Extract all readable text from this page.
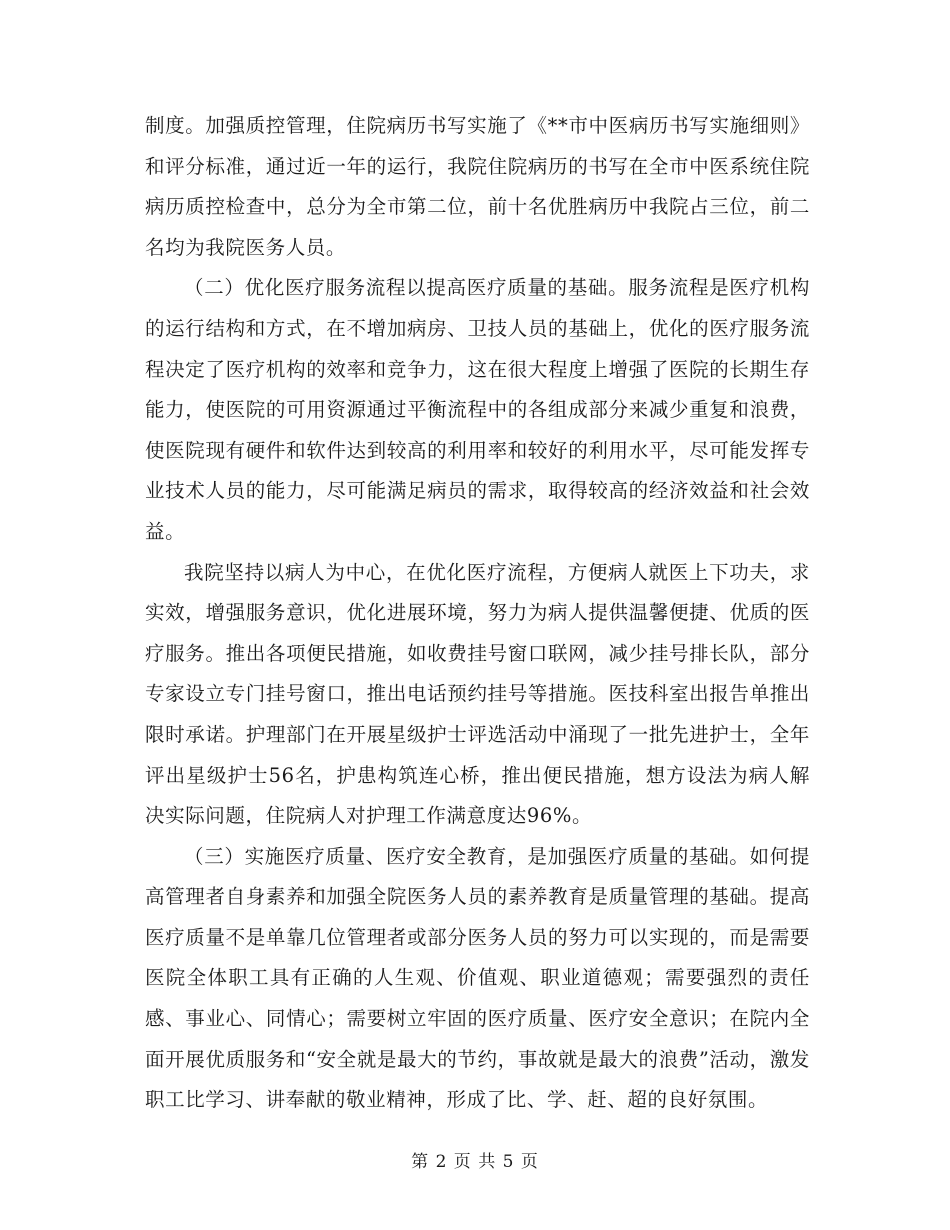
制度。加强质控管理，住院病历书写实施了《**市中医病历书写实施细则》和评分标准，通过近一年的运行，我院住院病历的书写在全市中医系统住院病历质控检查中，总分为全市第二位，前十名优胜病历中我院占三位，前二名均为我院医务人员。

（二）优化医疗服务流程以提高医疗质量的基础。服务流程是医疗机构的运行结构和方式，在不增加病房、卫技人员的基础上，优化的医疗服务流程决定了医疗机构的效率和竞争力，这在很大程度上增强了医院的长期生存能力，使医院的可用资源通过平衡流程中的各组成部分来减少重复和浪费，使医院现有硬件和软件达到较高的利用率和较好的利用水平，尽可能发挥专业技术人员的能力，尽可能满足病员的需求，取得较高的经济效益和社会效益。

我院坚持以病人为中心，在优化医疗流程，方便病人就医上下功夫，求实效，增强服务意识，优化进展环境，努力为病人提供温馨便捷、优质的医疗服务。推出各项便民措施，如收费挂号窗口联网，减少挂号排长队，部分专家设立专门挂号窗口，推出电话预约挂号等措施。医技科室出报告单推出限时承诺。护理部门在开展星级护士评选活动中涌现了一批先进护士，全年评出星级护士56名，护患构筑连心桥，推出便民措施，想方设法为病人解决实际问题，住院病人对护理工作满意度达96%。

（三）实施医疗质量、医疗安全教育，是加强医疗质量的基础。如何提高管理者自身素养和加强全院医务人员的素养教育是质量管理的基础。提高医疗质量不是单靠几位管理者或部分医务人员的努力可以实现的，而是需要医院全体职工具有正确的人生观、价值观、职业道德观；需要强烈的责任感、事业心、同情心；需要树立牢固的医疗质量、医疗安全意识；在院内全面开展优质服务和“安全就是最大的节约，事故就是最大的浪费”活动，激发职工比学习、讲奉献的敬业精神，形成了比、学、赶、超的良好氛围。

第 2 页 共 5 页
